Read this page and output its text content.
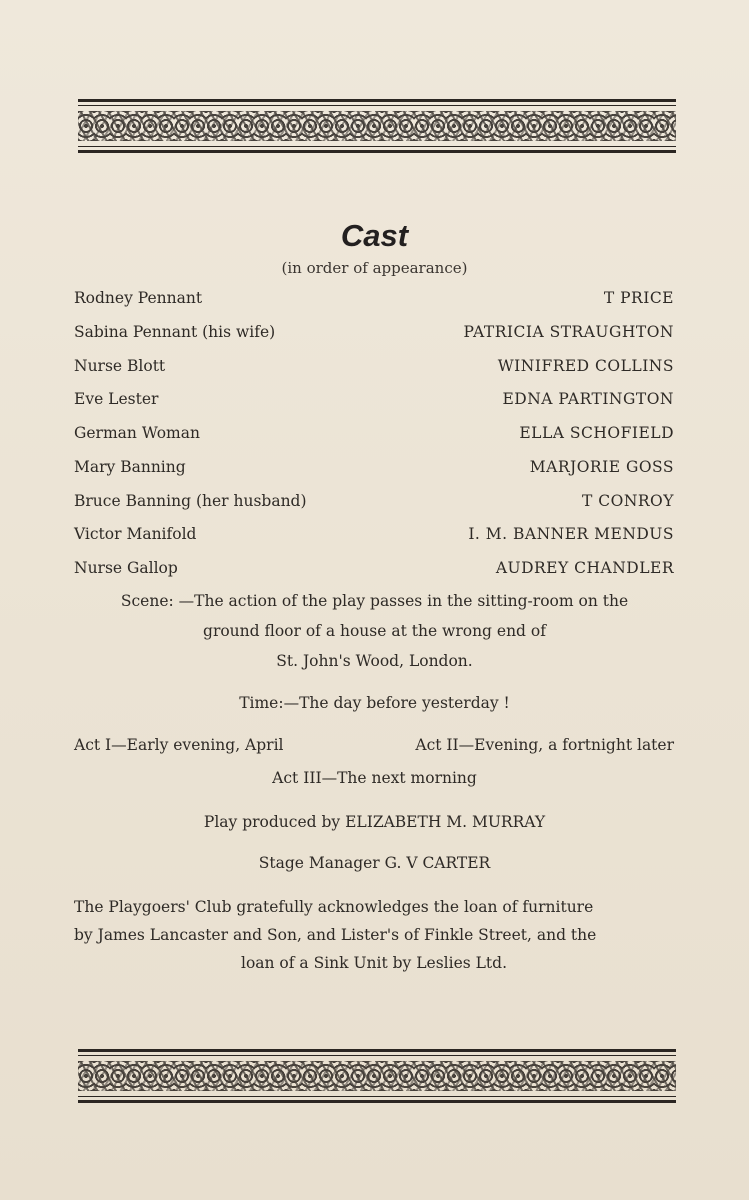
Cast
(in order of appearance)
Rodney Pennant	T PRICE
Sabina Pennant (his wife)	PATRICIA STRAUGHTON
Nurse Blott	WINIFRED COLLINS
Eve Lester	EDNA PARTINGTON
German Woman	ELLA SCHOFIELD
Mary Banning	MARJORIE GOSS
Bruce Banning (her husband)	T CONROY
Victor Manifold	I. M. BANNER MENDUS
Nurse Gallop	AUDREY CHANDLER
Scene: —The action of the play passes in the sitting-room on the
ground floor of a house at the wrong end of
St. John's Wood, London.
Time:—The day before yesterday !
Act I—Early evening, April	Act II—Evening, a fortnight later
Act III—The next morning
Play produced by ELIZABETH M. MURRAY
Stage Manager G. V CARTER
The Playgoers' Club gratefully acknowledges the loan of furniture
by James Lancaster and Son, and Lister's of Finkle Street, and the
loan of a Sink Unit by Leslies Ltd.
